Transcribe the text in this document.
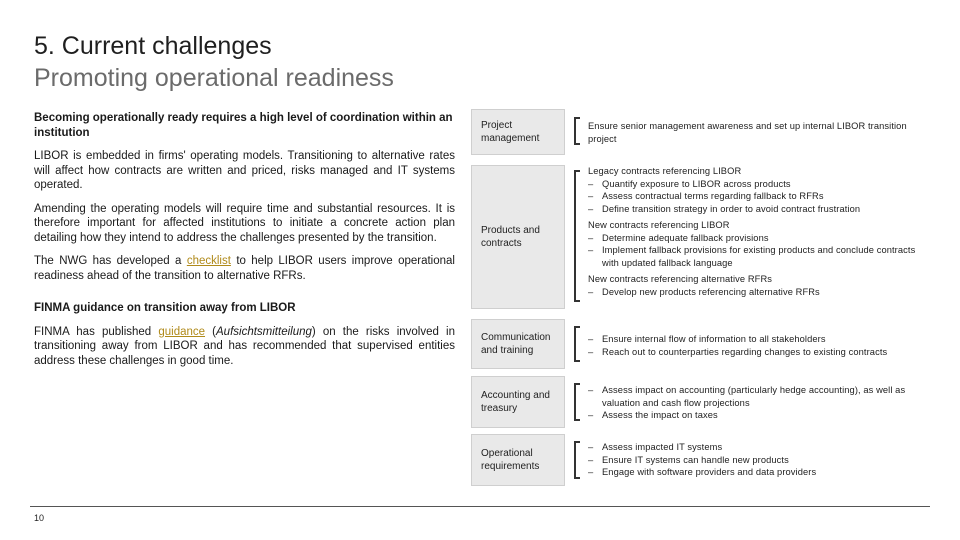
5. Current challenges
Promoting operational readiness

Becoming operationally ready requires a high level of coordination within an institution

LIBOR is embedded in firms' operating models. Transitioning to alternative rates will affect how contracts are written and priced, risks managed and IT systems operated.

Amending the operating models will require time and substantial resources. It is therefore important for affected institutions to initiate a concrete action plan detailing how they intend to address the challenges presented by the transition.

The NWG has developed a checklist to help LIBOR users improve operational readiness ahead of the transition to alternative RFRs.

FINMA guidance on transition away from LIBOR

FINMA has published guidance (Aufsichtsmitteilung) on the risks involved in transitioning away from LIBOR and has recommended that supervised entities address these challenges in good time.

Project management

Ensure senior management awareness and set up internal LIBOR transition project

Products and contracts

Legacy contracts referencing LIBOR

– Quantify exposure to LIBOR across products
– Assess contractual terms regarding fallback to RFRs
– Define transition strategy in order to avoid contract frustration

New contracts referencing LIBOR

– Determine adequate fallback provisions
– Implement fallback provisions for existing products and conclude contracts with updated fallback language

New contracts referencing alternative RFRs

– Develop new products referencing alternative RFRs
Communication and training
– Ensure internal flow of information to all stakeholders
– Reach out to counterparties regarding changes to existing contracts
Accounting and treasury
– Assess impact on accounting (particularly hedge accounting), as well as valuation and cash flow projections
– Assess the impact on taxes
Operational requirements
– Assess impacted IT systems
– Ensure IT systems can handle new products
– Engage with software providers and data providers
10
